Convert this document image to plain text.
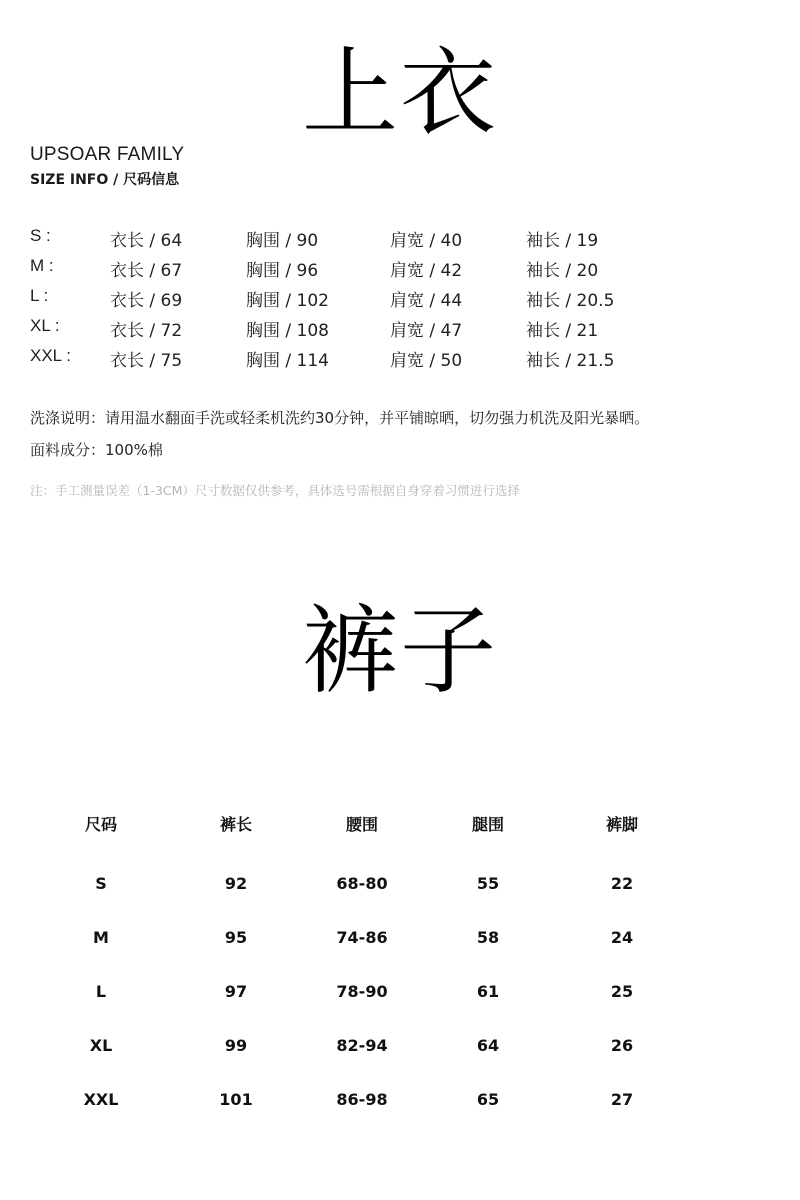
上衣
UPSOAR FAMILY
SIZE INFO / 尺码信息
S :	衣长 / 64	胸围 / 90	肩宽 / 40	袖长 / 19
M :	衣长 / 67	胸围 / 96	肩宽 / 42	袖长 / 20
L :	衣长 / 69	胸围 / 102	肩宽 / 44	袖长 / 20.5
XL :	衣长 / 72	胸围 / 108	肩宽 / 47	袖长 / 21
XXL : 衣长 / 75	胸围 / 114	肩宽 / 50	袖长 / 21.5
洗涤说明：请用温水翻面手洗或轻柔机洗约30分钟，并平铺晾晒，切勿强力机洗及阳光暴晒。
面料成分：100%棉
注：手工测量误差（1-3CM）尺寸数据仅供参考，具体选号需根据自身穿着习惯进行选择
裤子
尺码	裤长	腰围	腿围	裤脚
S	92	68-80	55	22
M	95	74-86	58	24
L	97	78-90	61	25
XL	99	82-94	64	26
XXL	101	86-98	65	27
